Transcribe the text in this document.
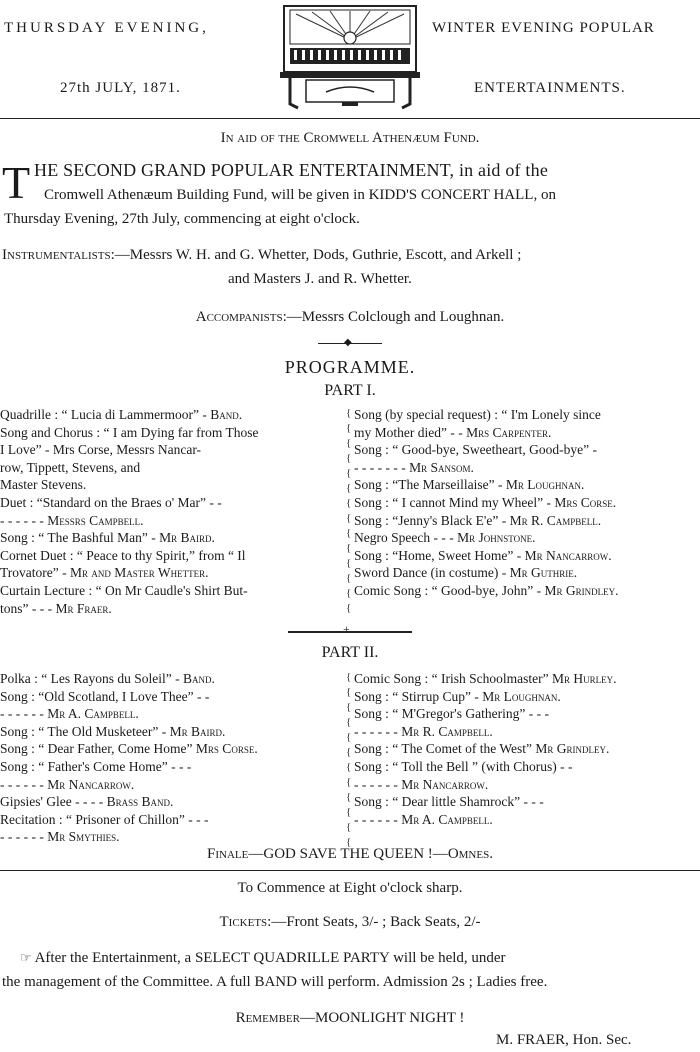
THURSDAY EVENING,
27th JULY, 1871.
WINTER EVENING POPULAR
ENTERTAINMENTS.
In aid of the Cromwell Athenæum Fund.
T HE SECOND GRAND POPULAR ENTERTAINMENT, in aid of the
Cromwell Athenæum Building Fund, will be given in KIDD'S CONCERT HALL, on
Thursday Evening, 27th July, commencing at eight o'clock.
Instrumentalists:—Messrs W. H. and G. Whetter, Dods, Guthrie, Escott, and Arkell ;
and Masters J. and R. Whetter.
Accompanists:—Messrs Colclough and Loughnan.
◆
PROGRAMME.
PART I.
Quadrille : “ Lucia di Lammermoor” - Band.
Song and Chorus : “ I am Dying far from Those
I Love” - Mrs Corse, Messrs Nancar-
row, Tippett, Stevens, and
Master Stevens.
Duet : “Standard on the Braes o' Mar” - -
- - - - - - Messrs Campbell.
Song : “ The Bashful Man” - Mr Baird.
Cornet Duet : “ Peace to thy Spirit,” from “ Il
Trovatore” - Mr and Master Whetter.
Curtain Lecture : “ On Mr Caudle's Shirt But-
tons” - - - Mr Fraer.
Song (by special request) : “ I'm Lonely since
my Mother died” - - Mrs Carpenter.
Song : “ Good-bye, Sweetheart, Good-bye” -
- - - - - - - Mr Sansom.
Song : “The Marseillaise” - Mr Loughnan.
Song : “ I cannot Mind my Wheel” - Mrs Corse.
Song : “Jenny's Black E'e” - Mr R. Campbell.
Negro Speech - - - Mr Johnstone.
Song : “Home, Sweet Home” - Mr Nancarrow.
Sword Dance (in costume) - Mr Guthrie.
Comic Song : “ Good-bye, John” - Mr Grindley.
{
{
{
{
{
{
{
{
{
{
{
{
{
{
+
PART II.
Polka : “ Les Rayons du Soleil” - Band.
Song : “Old Scotland, I Love Thee” - -
- - - - - - Mr A. Campbell.
Song : “ The Old Musketeer” - Mr Baird.
Song : “ Dear Father, Come Home” Mrs Corse.
Song : “ Father's Come Home” - - -
- - - - - - Mr Nancarrow.
Gipsies' Glee - - - - Brass Band.
Recitation : “ Prisoner of Chillon” - - -
- - - - - - Mr Smythies.
Comic Song : “ Irish Schoolmaster” Mr Hurley.
Song : “ Stirrup Cup” - Mr Loughnan.
Song : “ M'Gregor's Gathering” - - -
- - - - - - Mr R. Campbell.
Song : “ The Comet of the West” Mr Grindley.
Song : “ Toll the Bell ” (with Chorus) - -
- - - - - - Mr Nancarrow.
Song : “ Dear little Shamrock” - - -
- - - - - - Mr A. Campbell.
{
{
{
{
{
{
{
{
{
{
{
{
Finale—GOD SAVE THE QUEEN !—Omnes.
To Commence at Eight o'clock sharp.
Tickets:—Front Seats, 3/- ; Back Seats, 2/-
☞ After the Entertainment, a SELECT QUADRILLE PARTY will be held, under
the management of the Committee. A full BAND will perform. Admission 2s ; Ladies free.
Remember—MOONLIGHT NIGHT !
M. FRAER, Hon. Sec.
